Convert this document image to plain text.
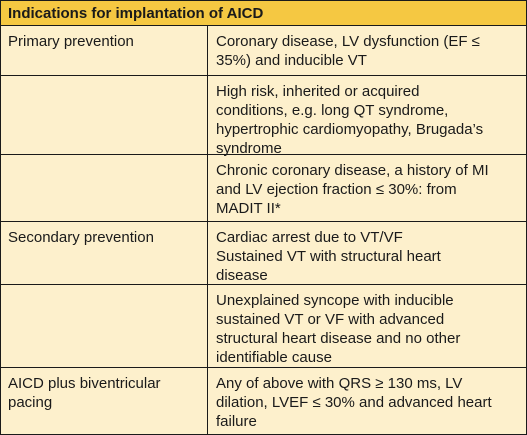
Indications for implantation of AICD
Primary prevention	Coronary disease, LV dysfunction (EF ≤
35%) and inducible VT
High risk, inherited or acquired
conditions, e.g. long QT syndrome,
hypertrophic cardiomyopathy, Brugada’s
syndrome
Chronic coronary disease, a history of MI
and LV ejection fraction ≤ 30%: from
MADIT II*
Secondary prevention	Cardiac arrest due to VT/VF
Sustained VT with structural heart
disease
Unexplained syncope with inducible
sustained VT or VF with advanced
structural heart disease and no other
identifiable cause
AICD plus biventricular
pacing
Any of above with QRS ≥ 130 ms, LV
dilation, LVEF ≤ 30% and advanced heart
failure
